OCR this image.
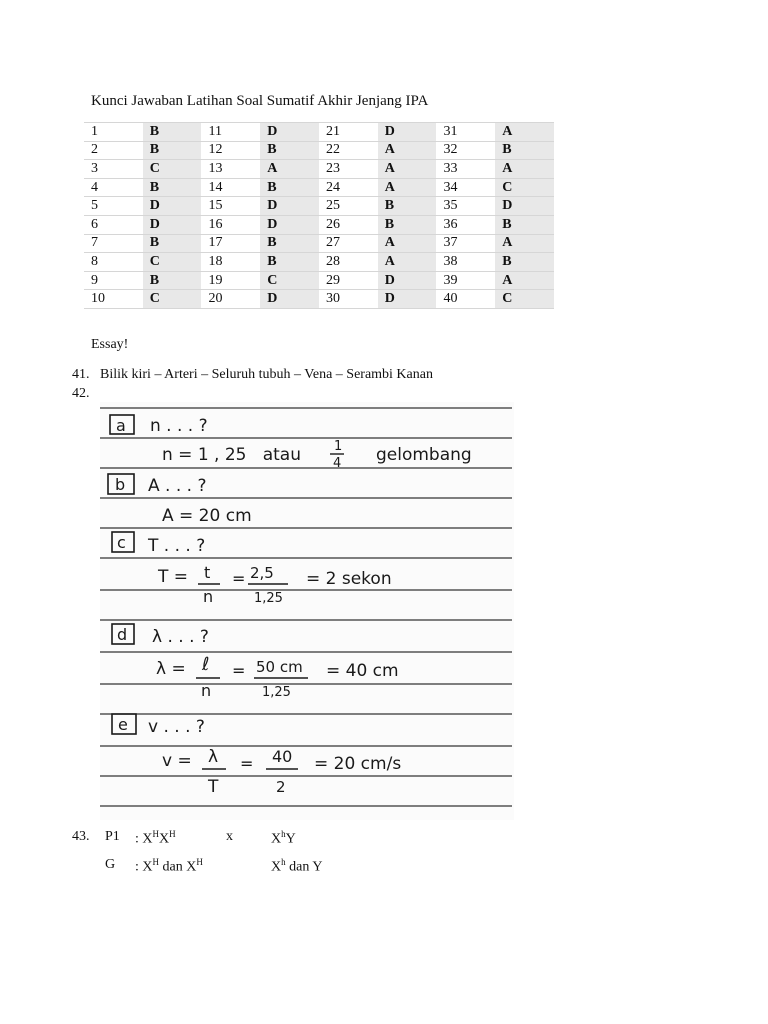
Kunci Jawaban Latihan Soal Sumatif Akhir Jenjang IPA
1	B	11	D	21	D	31	A
2	B	12	B	22	A	32	B
3	C	13	A	23	A	33	A
4	B	14	B	24	A	34	C
5	D	15	D	25	B	35	D
6	D	16	D	26	B	36	B
7	B	17	B	27	A	37	A
8	C	18	B	28	A	38	B
9	B	19	C	29	D	39	A
10	C	20	D	30	D	40	C
Essay!
41. Bilik kiri – Arteri – Seluruh tubuh – Vena – Serambi Kanan
42.
a n . . . ?
n = 1 , 25   atau	1
4 gelombang
b A . . . ?
A = 20 cm
c T . . . ?
T = t
n
= 2,5
1,25
= 2 sekon
d λ . . . ?
λ = ℓ
n
= 50 cm
1,25
= 40 cm
e v . . . ?
v = λ
T
= 40
2
= 20 cm/s
43. P1 : $X^HX^H$	x	$X^hY$
G : $X^H$ dan $X^H$	$X^h$ dan Y
